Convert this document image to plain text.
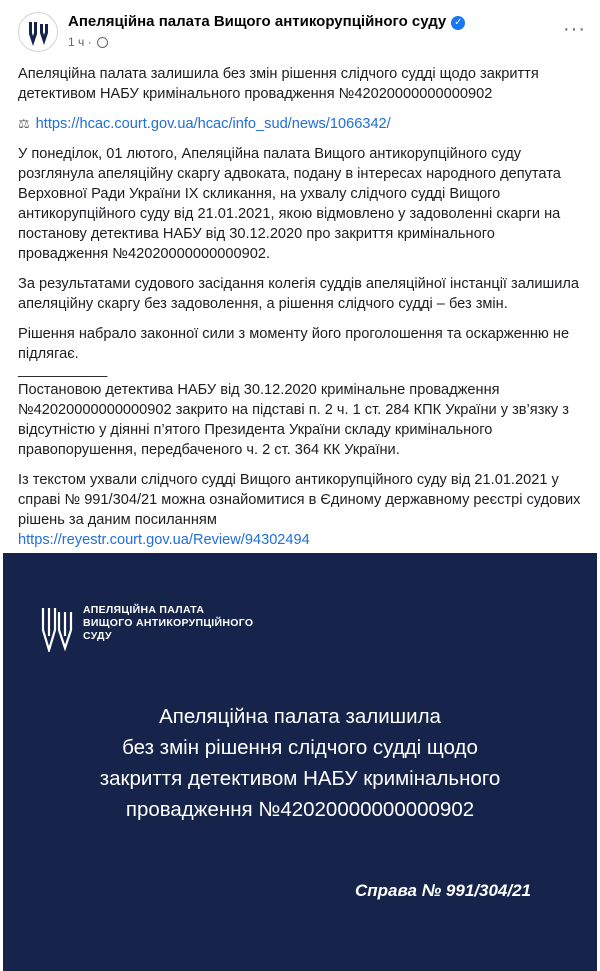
Апеляційна палата Вищого антикорупційного суду ✓
1 ч ·
···

Апеляційна палата залишила без змін рішення слідчого судді щодо закриття детективом НАБУ кримінального провадження №42020000000000902

⚖ https://hcac.court.gov.ua/hcac/info_sud/news/1066342/

У понеділок, 01 лютого, Апеляційна палата Вищого антикорупційного суду розглянула апеляційну скаргу адвоката, подану в інтересах народного депутата Верховної Ради України IX скликання, на ухвалу слідчого судді Вищого антикорупційного суду від 21.01.2021, якою відмовлено у задоволенні скарги на постанову детектива НАБУ від 30.12.2020 про закриття кримінального провадження №42020000000000902.

За результатами судового засідання колегія суддів апеляційної інстанції залишила апеляційну скаргу без задоволення, а рішення слідчого судді – без змін.

Рішення набрало законної сили з моменту його проголошення та оскарженню не підлягає.

___________

Постановою детектива НАБУ від 30.12.2020 кримінальне провадження №42020000000000902 закрито на підставі п. 2 ч. 1 ст. 284 КПК України у зв’язку з відсутністю у діянні п’ятого Президента України складу кримінального правопорушення, передбаченого ч. 2 ст. 364 КК України.

Із текстом ухвали слідчого судді Вищого антикорупційного суду від 21.01.2021 у справі № 991/304/21 можна ознайомитися в Єдиному державному реєстрі судових рішень за даним посиланням
https://reyestr.court.gov.ua/Review/94302494

АПЕЛЯЦІЙНА ПАЛАТА
ВИЩОГО АНТИКОРУПЦІЙНОГО
СУДУ
Апеляційна палата залишила
без змін рішення слідчого судді щодо
закриття детективом НАБУ кримінального
провадження №42020000000000902
Справа № 991/304/21
